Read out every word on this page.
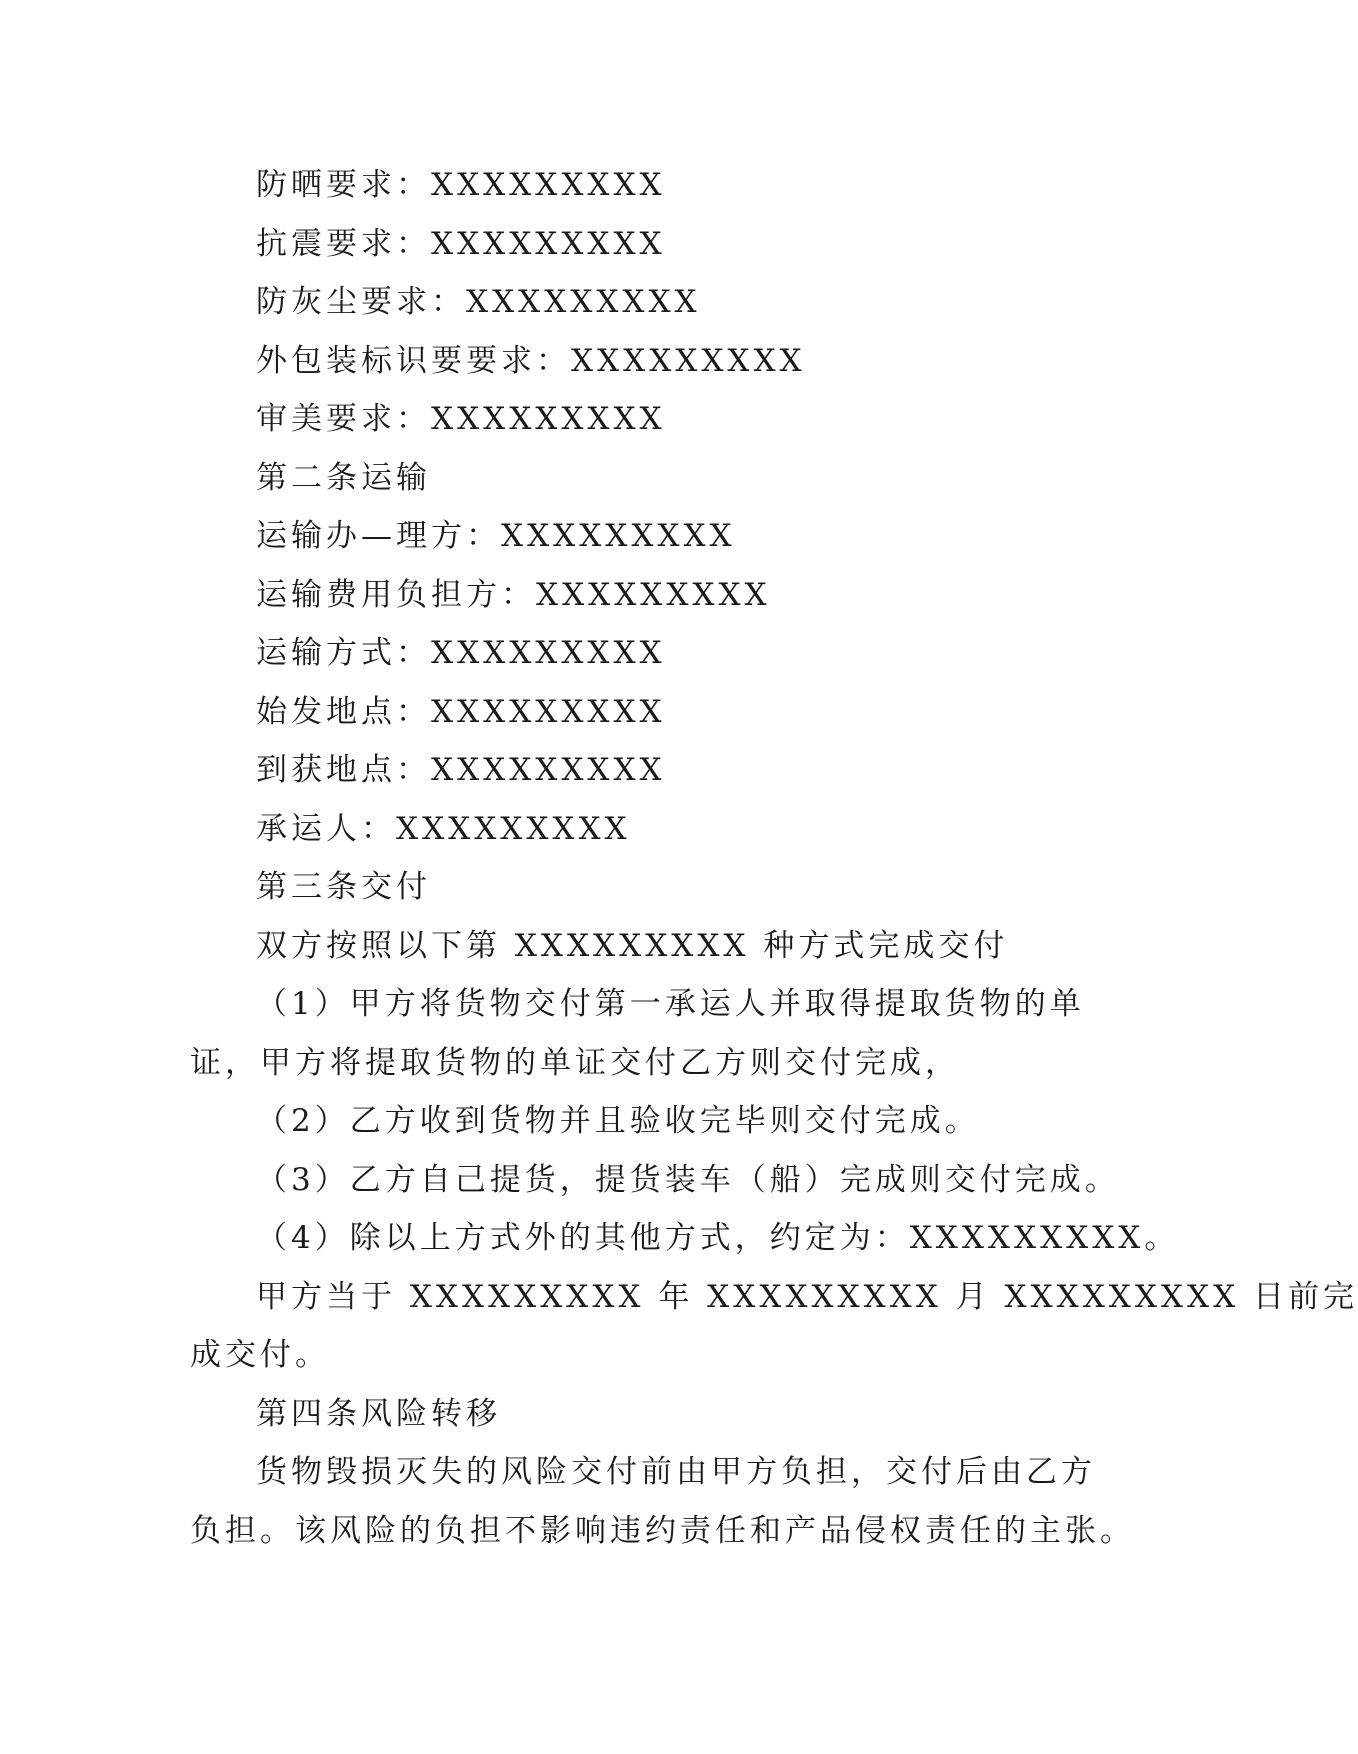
防晒要求：XXXXXXXXX
抗震要求：XXXXXXXXX
防灰尘要求：XXXXXXXXX
外包装标识要要求：XXXXXXXXX
审美要求：XXXXXXXXX
第二条运输
运输办—理方：XXXXXXXXX
运输费用负担方：XXXXXXXXX
运输方式：XXXXXXXXX
始发地点：XXXXXXXXX
到获地点：XXXXXXXXX
承运人：XXXXXXXXX
第三条交付
双方按照以下第 XXXXXXXXX 种方式完成交付
（1）甲方将货物交付第一承运人并取得提取货物的单
证，甲方将提取货物的单证交付乙方则交付完成，
（2）乙方收到货物并且验收完毕则交付完成。
（3）乙方自己提货，提货装车（船）完成则交付完成。
（4）除以上方式外的其他方式，约定为：XXXXXXXXX。
甲方当于 XXXXXXXXX 年 XXXXXXXXX 月 XXXXXXXXX 日前完
成交付。
第四条风险转移
货物毁损灭失的风险交付前由甲方负担，交付后由乙方
负担。该风险的负担不影响违约责任和产品侵权责任的主张。
